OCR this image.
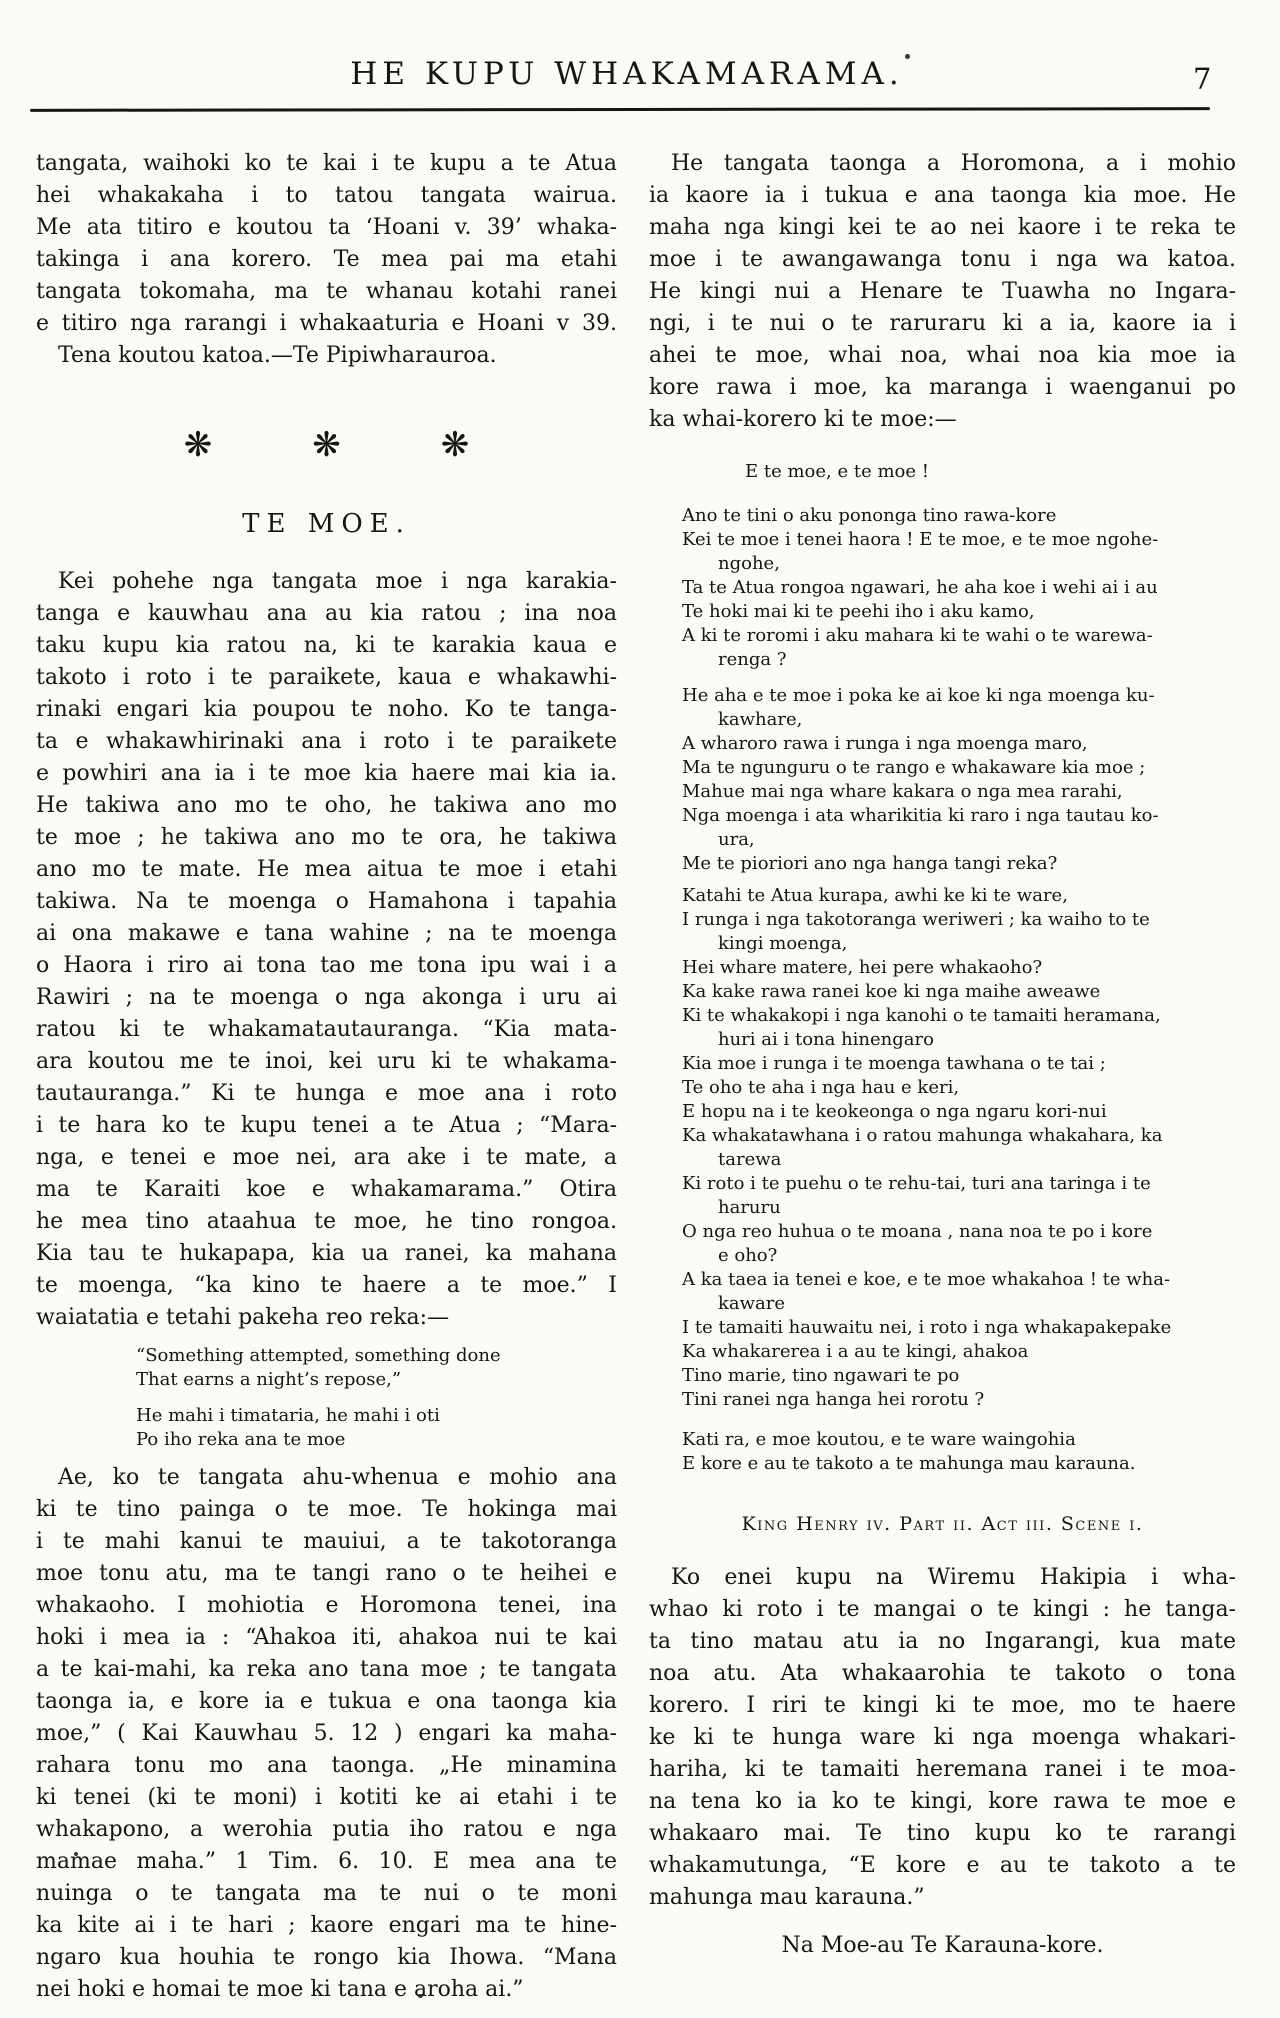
HE KUPU WHAKAMARAMA.	7
tangata, waihoki ko te kai i te kupu a te Atua
hei whakakaha i to tatou tangata wairua.
Me ata titiro e koutou ta ‘Hoani v. 39’ whaka-
takinga i ana korero. Te mea pai ma etahi
tangata tokomaha, ma te whanau kotahi ranei
e titiro nga rarangi i whakaaturia e Hoani v 39.
 Tena koutou katoa.—Te Pipiwharauroa.
❋	❋	❋
TE MOE.
 Kei pohehe nga tangata moe i nga karakia-
tanga e kauwhau ana au kia ratou ; ina noa
taku kupu kia ratou na, ki te karakia kaua e
takoto i roto i te paraikete, kaua e whakawhi-
rinaki engari kia poupou te noho. Ko te tanga-
ta e whakawhirinaki ana i roto i te paraikete
e powhiri ana ia i te moe kia haere mai kia ia.
He takiwa ano mo te oho, he takiwa ano mo
te moe ; he takiwa ano mo te ora, he takiwa
ano mo te mate. He mea aitua te moe i etahi
takiwa. Na te moenga o Hamahona i tapahia
ai ona makawe e tana wahine ; na te moenga
o Haora i riro ai tona tao me tona ipu wai i a
Rawiri ; na te moenga o nga akonga i uru ai
ratou ki te whakamatautauranga. “Kia mata-
ara koutou me te inoi, kei uru ki te whakama-
tautauranga.” Ki te hunga e moe ana i roto
i te hara ko te kupu tenei a te Atua ; “Mara-
nga, e tenei e moe nei, ara ake i te mate, a
ma te Karaiti koe e whakamarama.” Otira
he mea tino ataahua te moe, he tino rongoa.
Kia tau te hukapapa, kia ua ranei, ka mahana
te moenga, “ka kino te haere a te moe.” I
waiatatia e tetahi pakeha reo reka:—
“Something attempted, something done
That earns a night’s repose,”
He mahi i timataria, he mahi i oti
Po iho reka ana te moe
 Ae, ko te tangata ahu-whenua e mohio ana
ki te tino painga o te moe. Te hokinga mai
i te mahi kanui te mauiui, a te takotoranga
moe tonu atu, ma te tangi rano o te heihei e
whakaoho. I mohiotia e Horomona tenei, ina
hoki i mea ia : “Ahakoa iti, ahakoa nui te kai
a te kai-mahi, ka reka ano tana moe ; te tangata
taonga ia, e kore ia e tukua e ona taonga kia
moe,” ( Kai Kauwhau 5. 12 ) engari ka maha-
rahara tonu mo ana taonga. „He minamina
ki tenei (ki te moni) i kotiti ke ai etahi i te
whakapono, a werohia putia iho ratou e nga
mamae maha.” 1 Tim. 6. 10. E mea ana te
nuinga o te tangata ma te nui o te moni
ka kite ai i te hari ; kaore engari ma te hine-
ngaro kua houhia te rongo kia Ihowa. “Mana
nei hoki e homai te moe ki tana e aroha ai.”
 He tangata taonga a Horomona, a i mohio
ia kaore ia i tukua e ana taonga kia moe. He
maha nga kingi kei te ao nei kaore i te reka te
moe i te awangawanga tonu i nga wa katoa.
He kingi nui a Henare te Tuawha no Ingara-
ngi, i te nui o te raruraru ki a ia, kaore ia i
ahei te moe, whai noa, whai noa kia moe ia
kore rawa i moe, ka maranga i waenganui po
ka whai-korero ki te moe:—
E te moe, e te moe !
Ano te tini o aku pononga tino rawa-kore
Kei te moe i tenei haora ! E te moe, e te moe ngohe-
  ngohe,
Ta te Atua rongoa ngawari, he aha koe i wehi ai i au
Te hoki mai ki te peehi iho i aku kamo,
A ki te roromi i aku mahara ki te wahi o te warewa-
  renga ?
He aha e te moe i poka ke ai koe ki nga moenga ku-
  kawhare,
A wharoro rawa i runga i nga moenga maro,
Ma te ngunguru o te rango e whakaware kia moe ;
Mahue mai nga whare kakara o nga mea rarahi,
Nga moenga i ata wharikitia ki raro i nga tautau ko-
  ura,
Me te pioriori ano nga hanga tangi reka?
Katahi te Atua kurapa, awhi ke ki te ware,
I runga i nga takotoranga weriweri ; ka waiho to te
  kingi moenga,
Hei whare matere, hei pere whakaoho?
Ka kake rawa ranei koe ki nga maihe aweawe
Ki te whakakopi i nga kanohi o te tamaiti heramana,
  huri ai i tona hinengaro
Kia moe i runga i te moenga tawhana o te tai ;
Te oho te aha i nga hau e keri,
E hopu na i te keokeonga o nga ngaru kori-nui
Ka whakatawhana i o ratou mahunga whakahara, ka
  tarewa
Ki roto i te puehu o te rehu-tai, turi ana taringa i te
  haruru
O nga reo huhua o te moana , nana noa te po i kore
  e oho?
A ka taea ia tenei e koe, e te moe whakahoa ! te wha-
  kaware
I te tamaiti hauwaitu nei, i roto i nga whakapakepake
Ka whakarerea i a au te kingi, ahakoa
Tino marie, tino ngawari te po
Tini ranei nga hanga hei rorotu ?
Kati ra, e moe koutou, e te ware waingohia
E kore e au te takoto a te mahunga mau karauna.
King Henry iv. Part ii. Act iii. Scene i.
 Ko enei kupu na Wiremu Hakipia i wha-
whao ki roto i te mangai o te kingi : he tanga-
ta tino matau atu ia no Ingarangi, kua mate
noa atu. Ata whakaarohia te takoto o tona
korero. I riri te kingi ki te moe, mo te haere
ke ki te hunga ware ki nga moenga whakari-
hariha, ki te tamaiti heremana ranei i te moa-
na tena ko ia ko te kingi, kore rawa te moe e
whakaaro mai. Te tino kupu ko te rarangi
whakamutunga, “E kore e au te takoto a te
mahunga mau karauna.”
Na Moe-au Te Karauna-kore.
